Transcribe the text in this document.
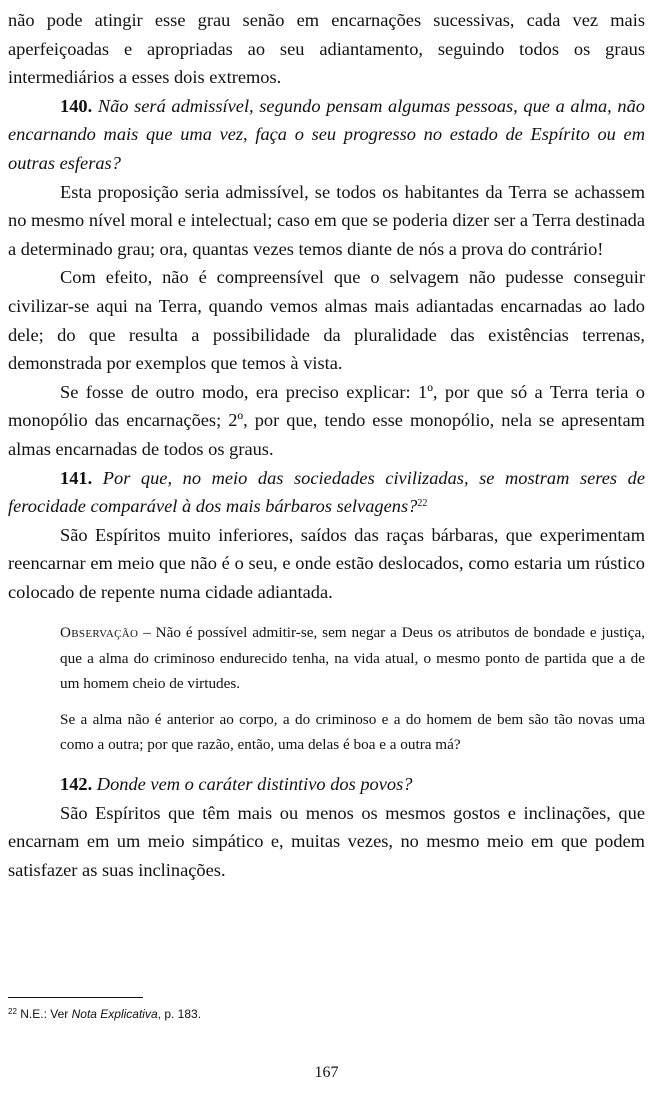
não pode atingir esse grau senão em encarnações sucessivas, cada vez mais aperfeiçoadas e apropriadas ao seu adiantamento, seguindo todos os graus intermediários a esses dois extremos.

140. Não será admissível, segundo pensam algumas pessoas, que a alma, não encarnando mais que uma vez, faça o seu progresso no estado de Espírito ou em outras esferas?

Esta proposição seria admissível, se todos os habitantes da Terra se achassem no mesmo nível moral e intelectual; caso em que se poderia dizer ser a Terra destinada a determinado grau; ora, quantas vezes temos diante de nós a prova do contrário!

Com efeito, não é compreensível que o selvagem não pudesse conseguir civilizar-se aqui na Terra, quando vemos almas mais adiantadas encarnadas ao lado dele; do que resulta a possibilidade da pluralidade das existências terrenas, demonstrada por exemplos que temos à vista.

Se fosse de outro modo, era preciso explicar: 1º, por que só a Terra teria o monopólio das encarnações; 2º, por que, tendo esse monopólio, nela se apresentam almas encarnadas de todos os graus.

141. Por que, no meio das sociedades civilizadas, se mostram seres de ferocidade comparável à dos mais bárbaros selvagens?$^{22}$

São Espíritos muito inferiores, saídos das raças bárbaras, que experimentam reencarnar em meio que não é o seu, e onde estão deslocados, como estaria um rústico colocado de repente numa cidade adiantada.

Observação – Não é possível admitir-se, sem negar a Deus os atributos de bondade e justiça, que a alma do criminoso endurecido tenha, na vida atual, o mesmo ponto de partida que a de um homem cheio de virtudes.

Se a alma não é anterior ao corpo, a do criminoso e a do homem de bem são tão novas uma como a outra; por que razão, então, uma delas é boa e a outra má?

142. Donde vem o caráter distintivo dos povos?

São Espíritos que têm mais ou menos os mesmos gostos e inclinações, que encarnam em um meio simpático e, muitas vezes, no mesmo meio em que podem satisfazer as suas inclinações.

$^{22}$ N.E.: Ver Nota Explicativa, p. 183.
167
